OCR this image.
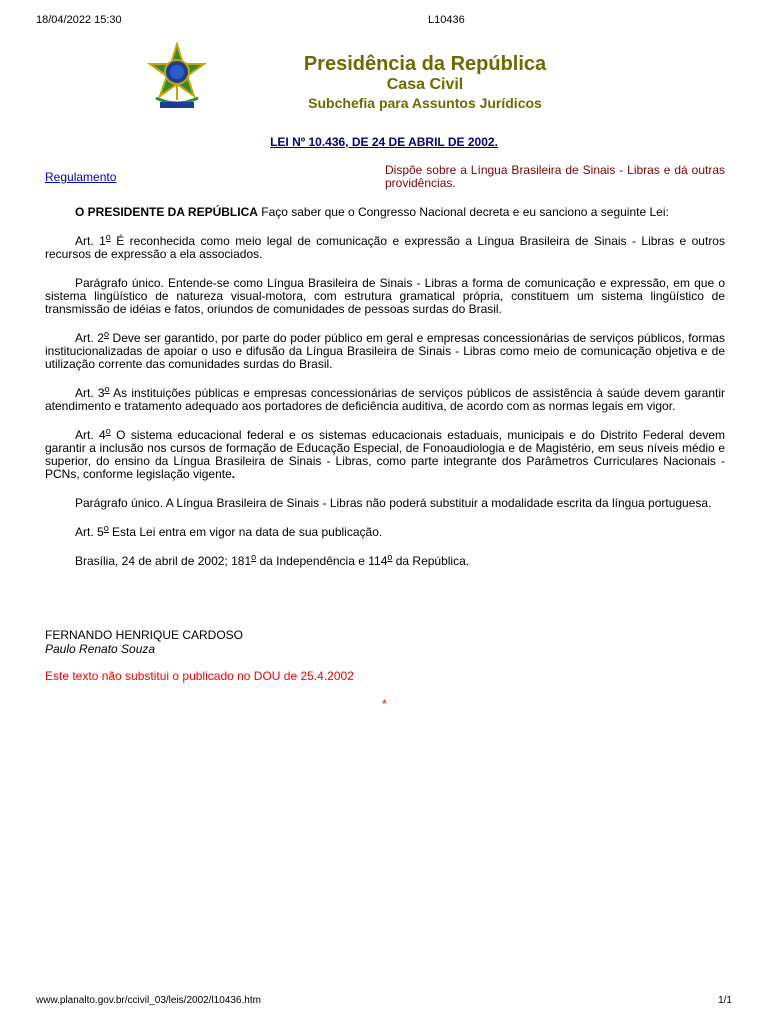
18/04/2022 15:30	L10436
Presidência da República
Casa Civil
Subchefia para Assuntos Jurídicos
LEI Nº 10.436, DE 24 DE ABRIL DE 2002.
Regulamento	Dispõe sobre a Língua Brasileira de Sinais - Libras e dá outras providências.

O PRESIDENTE DA REPÚBLICA Faço saber que o Congresso Nacional decreta e eu sanciono a seguinte Lei:

Art. 1$^o$ É reconhecida como meio legal de comunicação e expressão a Língua Brasileira de Sinais - Libras e outros recursos de expressão a ela associados.

Parágrafo único. Entende-se como Língua Brasileira de Sinais - Libras a forma de comunicação e expressão, em que o sistema lingüístico de natureza visual-motora, com estrutura gramatical própria, constituem um sistema lingüístico de transmissão de idéias e fatos, oriundos de comunidades de pessoas surdas do Brasil.

Art. 2$^o$ Deve ser garantido, por parte do poder público em geral e empresas concessionárias de serviços públicos, formas institucionalizadas de apoiar o uso e difusão da Língua Brasileira de Sinais - Libras como meio de comunicação objetiva e de utilização corrente das comunidades surdas do Brasil.

Art. 3$^o$ As instituições públicas e empresas concessionárias de serviços públicos de assistência à saúde devem garantir atendimento e tratamento adequado aos portadores de deficiência auditiva, de acordo com as normas legais em vigor.

Art. 4$^o$ O sistema educacional federal e os sistemas educacionais estaduais, municipais e do Distrito Federal devem garantir a inclusão nos cursos de formação de Educação Especial, de Fonoaudiologia e de Magistério, em seus níveis médio e superior, do ensino da Língua Brasileira de Sinais - Libras, como parte integrante dos Parâmetros Curriculares Nacionais - PCNs, conforme legislação vigente.

Parágrafo único. A Língua Brasileira de Sinais - Libras não poderá substituir a modalidade escrita da língua portuguesa.

Art. 5$^o$ Esta Lei entra em vigor na data de sua publicação.

Brasília, 24 de abril de 2002; 181$^o$ da Independência e 114$^o$ da República.

FERNANDO HENRIQUE CARDOSO
Paulo Renato Souza
Este texto não substitui o publicado no DOU de 25.4.2002
*
www.planalto.gov.br/ccivil_03/leis/2002/l10436.htm	1/1
